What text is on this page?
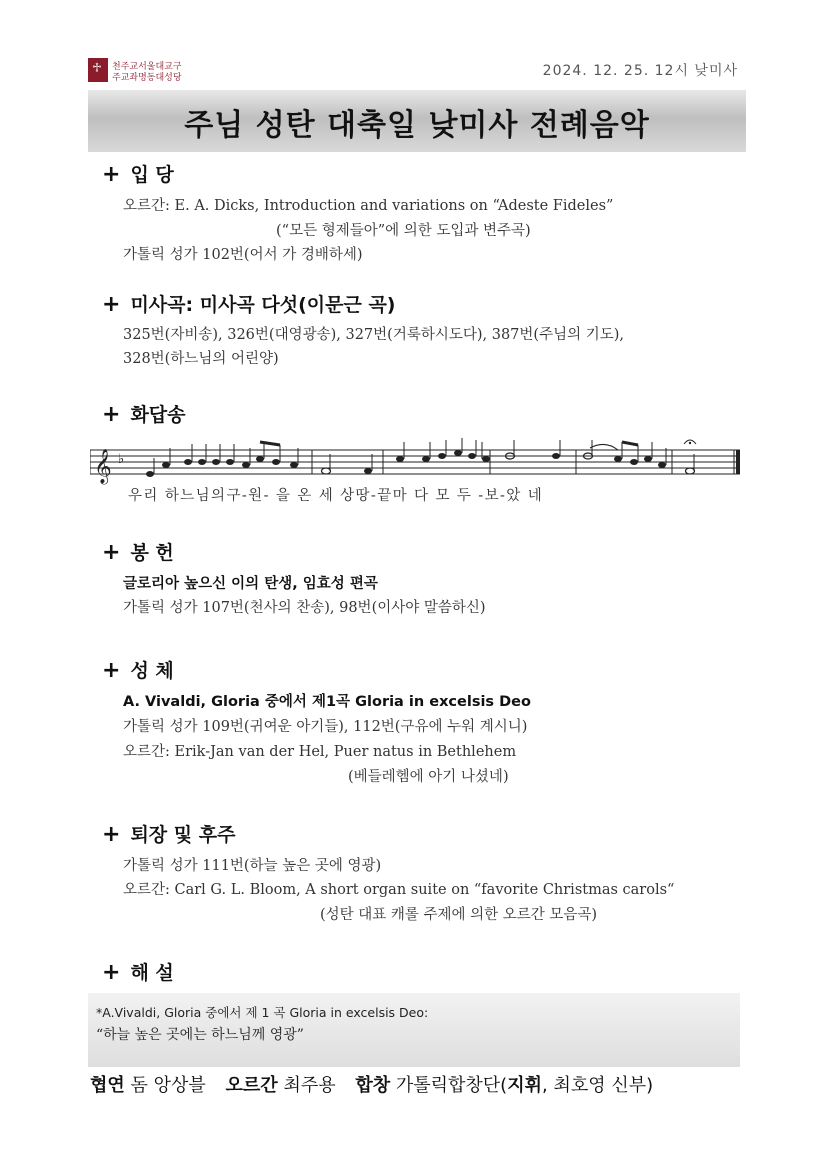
♱ 천주교서울대교구
주교좌명동대성당	2024. 12. 25. 12시 낮미사
주님 성탄 대축일 낮미사 전례음악
+ 입 당
오르간: E. A. Dicks, Introduction and variations on “Adeste Fideles”
(“모든 형제들아”에 의한 도입과 변주곡)
가톨릭 성가 102번(어서 가 경배하세)
+ 미사곡: 미사곡 다섯(이문근 곡)
325번(자비송), 326번(대영광송), 327번(거룩하시도다), 387번(주님의 기도),
328번(하느님의 어린양)
+ 화답송
𝄞 ♭
우리 하느님의구-원- 을 온 세 상땅-끝마 다 모 두 -보-았 네
+ 봉 헌
글로리아 높으신 이의 탄생, 임효성 편곡
가톨릭 성가 107번(천사의 찬송), 98번(이사야 말씀하신)
+ 성 체
A. Vivaldi, Gloria 중에서 제1곡 Gloria in excelsis Deo
가톨릭 성가 109번(귀여운 아기들), 112번(구유에 누워 계시니)
오르간: Erik-Jan van der Hel, Puer natus in Bethlehem
(베들레헴에 아기 나셨네)
+ 퇴장 및 후주
가톨릭 성가 111번(하늘 높은 곳에 영광)
오르간: Carl G. L. Bloom, A short organ suite on “favorite Christmas carols“
(성탄 대표 캐롤 주제에 의한 오르간 모음곡)
+ 해 설
*A.Vivaldi, Gloria 중에서 제 1 곡 Gloria in excelsis Deo:
“하늘 높은 곳에는 하느님께 영광”
협연 돔 앙상블 오르간 최주용 합창 가톨릭합창단(지휘, 최호영 신부)
